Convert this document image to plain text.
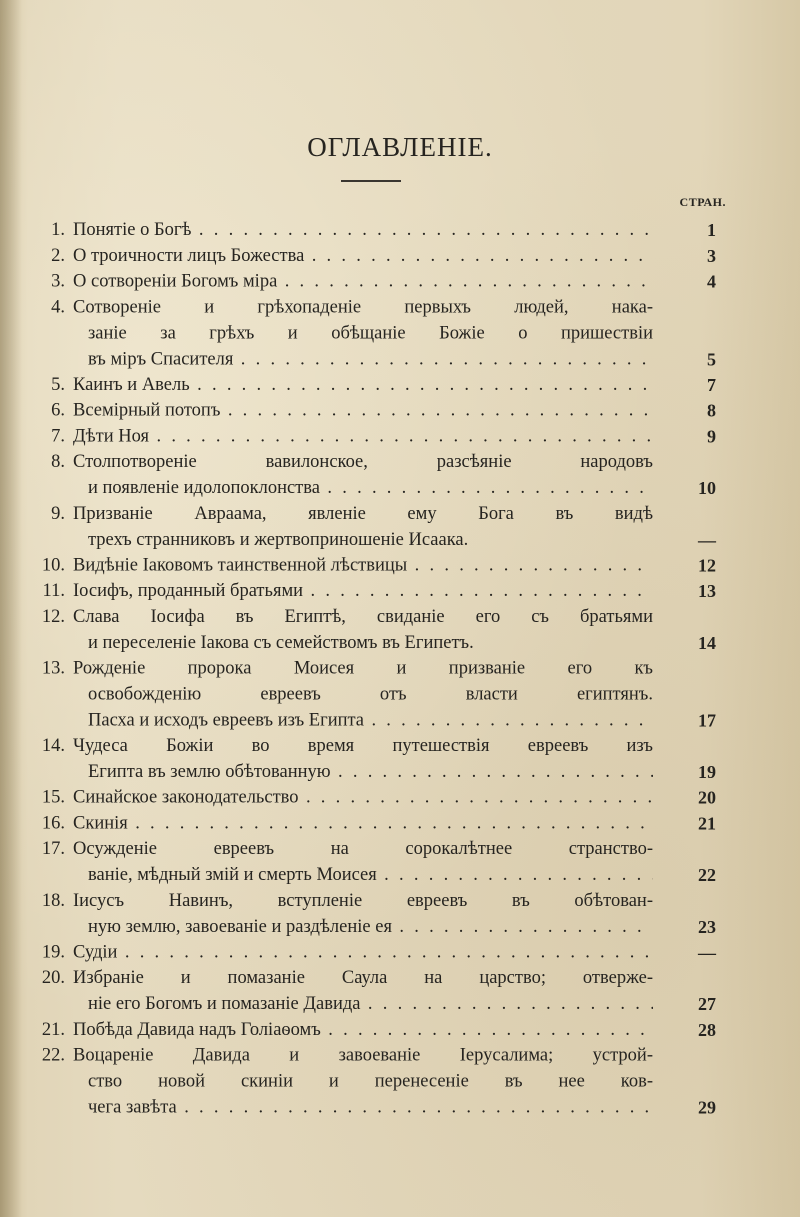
ОГЛАВЛЕНІЕ.
СТРАН.
1. Понятіе о Богѣ . . .	1
2. О троичности лицъ Божества . . .	3
3. О сотвореніи Богомъ міра . . .	4
4. Сотвореніе и грѣхопаденіе первыхъ людей, нака-
заніе за грѣхъ и обѣщаніе Божіе о пришествіи
въ міръ Спасителя . . .	5
5. Каинъ и Авель . . .	7
6. Всемірный потопъ . . .	8
7. Дѣти Ноя . . .	9
8. Столпотвореніе вавилонское, разсѣяніе народовъ
и появленіе идолопоклонства . . .	10
9. Призваніе Авраама, явленіе ему Бога въ видѣ
трехъ странниковъ и жертвоприношеніе Исаака.	—
10. Видѣніе Іаковомъ таинственной лѣствицы . . .	12
11. Іосифъ, проданный братьями . . .	13
12. Слава Іосифа въ Египтѣ, свиданіе его съ братьями
и переселеніе Іакова съ семействомъ въ Египетъ.	14
13. Рожденіе пророка Моисея и призваніе его къ
освобожденію евреевъ отъ власти египтянъ.
Пасха и исходъ евреевъ изъ Египта . . .	17
14. Чудеса Божіи во время путешествія евреевъ изъ
Египта въ землю обѣтованную . . .	19
15. Синайское законодательство . . .	20
16. Скинія . . .	21
17. Осужденіе евреевъ на сорокалѣтнее странство-
ваніе, мѣдный змій и смерть Моисея . . .	22
18. Іисусъ Навинъ, вступленіе евреевъ въ обѣтован-
ную землю, завоеваніе и раздѣленіе ея . . .	23
19. Судіи . . .	—
20. Избраніе и помазаніе Саула на царство; отверже-
ніе его Богомъ и помазаніе Давида . . .	27
21. Побѣда Давида надъ Голіаѳомъ . . .	28
22. Воцареніе Давида и завоеваніе Іерусалима; устрой-
ство новой скиніи и перенесеніе въ нее ков-
чега завѣта . . .	29
